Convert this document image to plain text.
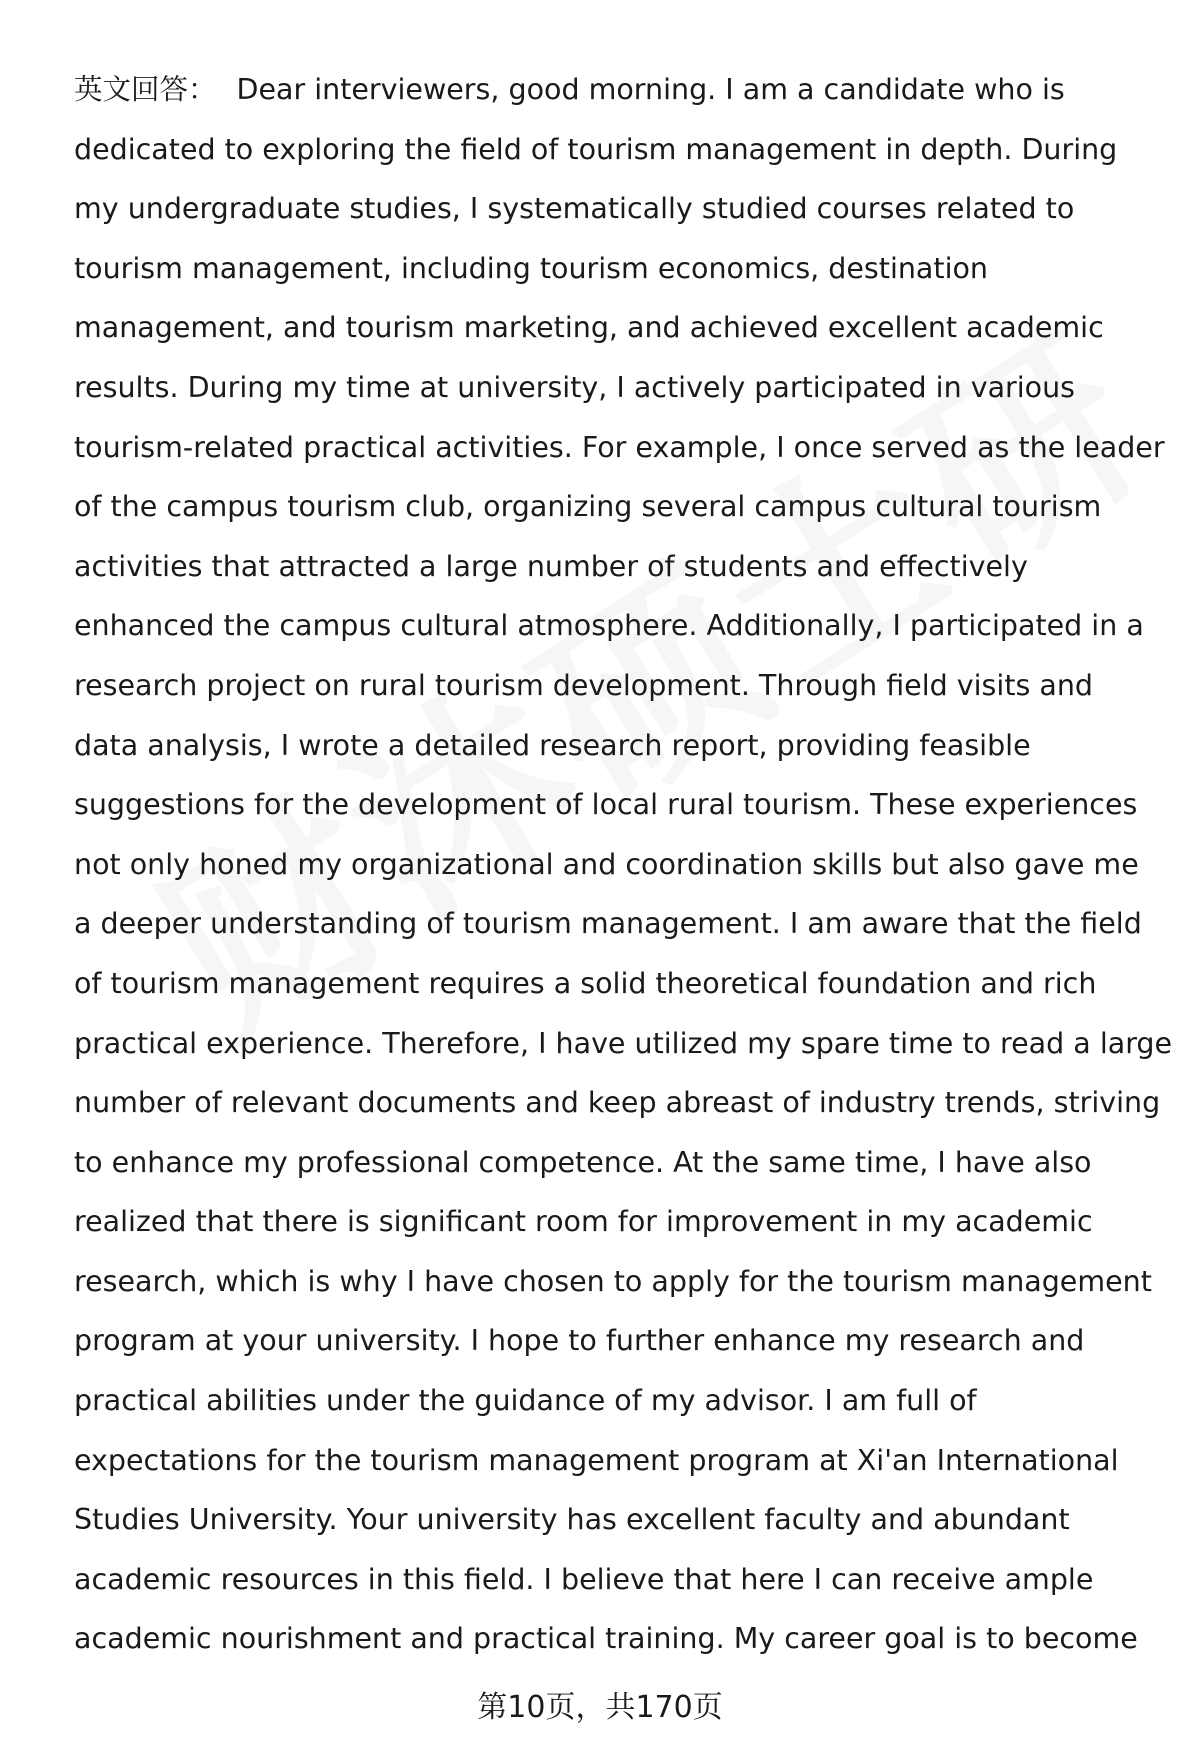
英文回答： Dear interviewers, good morning. I am a candidate who is
dedicated to exploring the field of tourism management in depth. During
my undergraduate studies, I systematically studied courses related to
tourism management, including tourism economics, destination
management, and tourism marketing, and achieved excellent academic
results. During my time at university, I actively participated in various
tourism-related practical activities. For example, I once served as the leader
of the campus tourism club, organizing several campus cultural tourism
activities that attracted a large number of students and effectively
enhanced the campus cultural atmosphere. Additionally, I participated in a
research project on rural tourism development. Through field visits and
data analysis, I wrote a detailed research report, providing feasible
suggestions for the development of local rural tourism. These experiences
not only honed my organizational and coordination skills but also gave me
a deeper understanding of tourism management. I am aware that the field
of tourism management requires a solid theoretical foundation and rich
practical experience. Therefore, I have utilized my spare time to read a large
number of relevant documents and keep abreast of industry trends, striving
to enhance my professional competence. At the same time, I have also
realized that there is significant room for improvement in my academic
research, which is why I have chosen to apply for the tourism management
program at your university. I hope to further enhance my research and
practical abilities under the guidance of my advisor. I am full of
expectations for the tourism management program at Xi'an International
Studies University. Your university has excellent faculty and abundant
academic resources in this field. I believe that here I can receive ample
academic nourishment and practical training. My career goal is to become
第10页，共170页
